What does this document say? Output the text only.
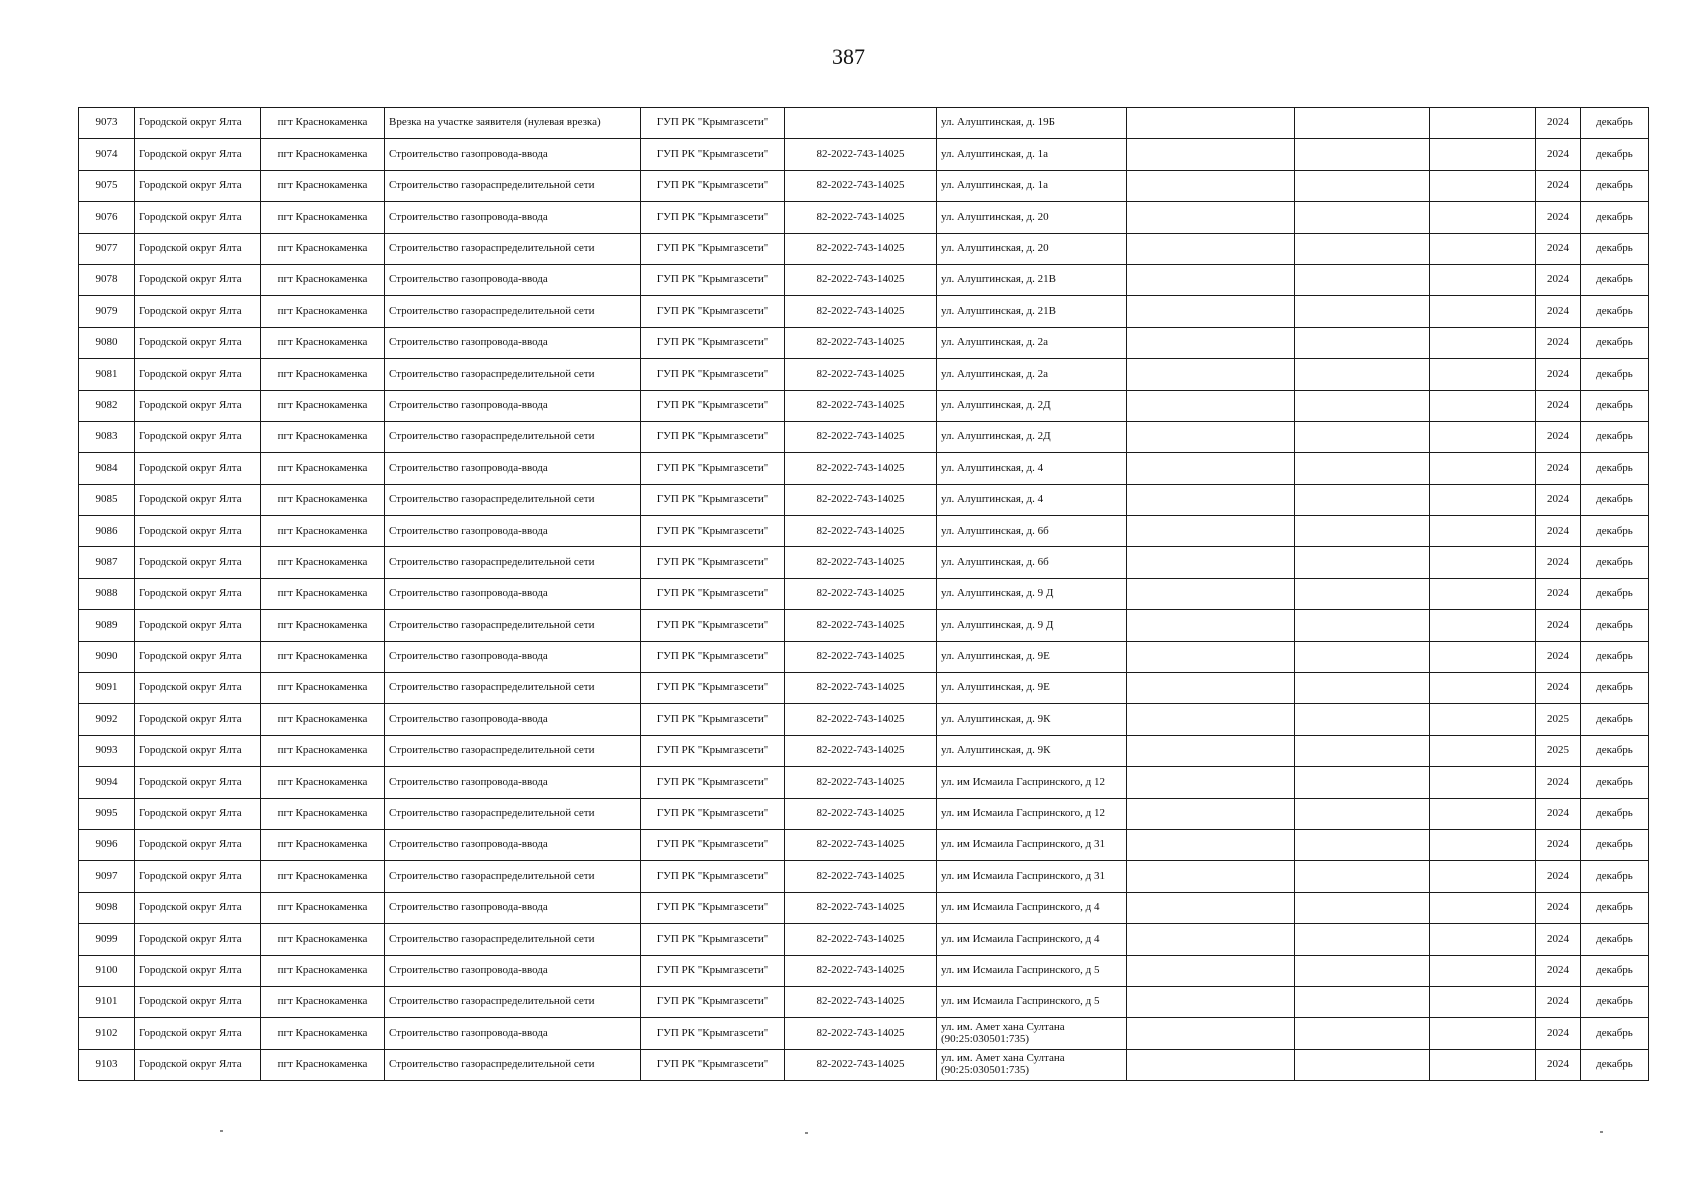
387
9073	Городской округ Ялта	пгт Краснокаменка	Врезка на участке заявителя (нулевая врезка)	ГУП РК "Крымгазсети"		ул. Алуштинская, д. 19Б				2024	декабрь
9074	Городской округ Ялта	пгт Краснокаменка	Строительство газопровода-ввода	ГУП РК "Крымгазсети"	82-2022-743-14025	ул. Алуштинская, д. 1а				2024	декабрь
9075	Городской округ Ялта	пгт Краснокаменка	Строительство газораспределительной сети	ГУП РК "Крымгазсети"	82-2022-743-14025	ул. Алуштинская, д. 1а				2024	декабрь
9076	Городской округ Ялта	пгт Краснокаменка	Строительство газопровода-ввода	ГУП РК "Крымгазсети"	82-2022-743-14025	ул. Алуштинская, д. 20				2024	декабрь
9077	Городской округ Ялта	пгт Краснокаменка	Строительство газораспределительной сети	ГУП РК "Крымгазсети"	82-2022-743-14025	ул. Алуштинская, д. 20				2024	декабрь
9078	Городской округ Ялта	пгт Краснокаменка	Строительство газопровода-ввода	ГУП РК "Крымгазсети"	82-2022-743-14025	ул. Алуштинская, д. 21В				2024	декабрь
9079	Городской округ Ялта	пгт Краснокаменка	Строительство газораспределительной сети	ГУП РК "Крымгазсети"	82-2022-743-14025	ул. Алуштинская, д. 21В				2024	декабрь
9080	Городской округ Ялта	пгт Краснокаменка	Строительство газопровода-ввода	ГУП РК "Крымгазсети"	82-2022-743-14025	ул. Алуштинская, д. 2а				2024	декабрь
9081	Городской округ Ялта	пгт Краснокаменка	Строительство газораспределительной сети	ГУП РК "Крымгазсети"	82-2022-743-14025	ул. Алуштинская, д. 2а				2024	декабрь
9082	Городской округ Ялта	пгт Краснокаменка	Строительство газопровода-ввода	ГУП РК "Крымгазсети"	82-2022-743-14025	ул. Алуштинская, д. 2Д				2024	декабрь
9083	Городской округ Ялта	пгт Краснокаменка	Строительство газораспределительной сети	ГУП РК "Крымгазсети"	82-2022-743-14025	ул. Алуштинская, д. 2Д				2024	декабрь
9084	Городской округ Ялта	пгт Краснокаменка	Строительство газопровода-ввода	ГУП РК "Крымгазсети"	82-2022-743-14025	ул. Алуштинская, д. 4				2024	декабрь
9085	Городской округ Ялта	пгт Краснокаменка	Строительство газораспределительной сети	ГУП РК "Крымгазсети"	82-2022-743-14025	ул. Алуштинская, д. 4				2024	декабрь
9086	Городской округ Ялта	пгт Краснокаменка	Строительство газопровода-ввода	ГУП РК "Крымгазсети"	82-2022-743-14025	ул. Алуштинская, д. 6б				2024	декабрь
9087	Городской округ Ялта	пгт Краснокаменка	Строительство газораспределительной сети	ГУП РК "Крымгазсети"	82-2022-743-14025	ул. Алуштинская, д. 6б				2024	декабрь
9088	Городской округ Ялта	пгт Краснокаменка	Строительство газопровода-ввода	ГУП РК "Крымгазсети"	82-2022-743-14025	ул. Алуштинская, д. 9 Д				2024	декабрь
9089	Городской округ Ялта	пгт Краснокаменка	Строительство газораспределительной сети	ГУП РК "Крымгазсети"	82-2022-743-14025	ул. Алуштинская, д. 9 Д				2024	декабрь
9090	Городской округ Ялта	пгт Краснокаменка	Строительство газопровода-ввода	ГУП РК "Крымгазсети"	82-2022-743-14025	ул. Алуштинская, д. 9Е				2024	декабрь
9091	Городской округ Ялта	пгт Краснокаменка	Строительство газораспределительной сети	ГУП РК "Крымгазсети"	82-2022-743-14025	ул. Алуштинская, д. 9Е				2024	декабрь
9092	Городской округ Ялта	пгт Краснокаменка	Строительство газопровода-ввода	ГУП РК "Крымгазсети"	82-2022-743-14025	ул. Алуштинская, д. 9К				2025	декабрь
9093	Городской округ Ялта	пгт Краснокаменка	Строительство газораспределительной сети	ГУП РК "Крымгазсети"	82-2022-743-14025	ул. Алуштинская, д. 9К				2025	декабрь
9094	Городской округ Ялта	пгт Краснокаменка	Строительство газопровода-ввода	ГУП РК "Крымгазсети"	82-2022-743-14025	ул. им Исмаила Гаспринского, д 12				2024	декабрь
9095	Городской округ Ялта	пгт Краснокаменка	Строительство газораспределительной сети	ГУП РК "Крымгазсети"	82-2022-743-14025	ул. им Исмаила Гаспринского, д 12				2024	декабрь
9096	Городской округ Ялта	пгт Краснокаменка	Строительство газопровода-ввода	ГУП РК "Крымгазсети"	82-2022-743-14025	ул. им Исмаила Гаспринского, д 31				2024	декабрь
9097	Городской округ Ялта	пгт Краснокаменка	Строительство газораспределительной сети	ГУП РК "Крымгазсети"	82-2022-743-14025	ул. им Исмаила Гаспринского, д 31				2024	декабрь
9098	Городской округ Ялта	пгт Краснокаменка	Строительство газопровода-ввода	ГУП РК "Крымгазсети"	82-2022-743-14025	ул. им Исмаила Гаспринского, д 4				2024	декабрь
9099	Городской округ Ялта	пгт Краснокаменка	Строительство газораспределительной сети	ГУП РК "Крымгазсети"	82-2022-743-14025	ул. им Исмаила Гаспринского, д 4				2024	декабрь
9100	Городской округ Ялта	пгт Краснокаменка	Строительство газопровода-ввода	ГУП РК "Крымгазсети"	82-2022-743-14025	ул. им Исмаила Гаспринского, д 5				2024	декабрь
9101	Городской округ Ялта	пгт Краснокаменка	Строительство газораспределительной сети	ГУП РК "Крымгазсети"	82-2022-743-14025	ул. им Исмаила Гаспринского, д 5				2024	декабрь
9102	Городской округ Ялта	пгт Краснокаменка	Строительство газопровода-ввода	ГУП РК "Крымгазсети"	82-2022-743-14025	ул. им. Амет хана Султана (90:25:030501:735)				2024	декабрь
9103	Городской округ Ялта	пгт Краснокаменка	Строительство газораспределительной сети	ГУП РК "Крымгазсети"	82-2022-743-14025	ул. им. Амет хана Султана (90:25:030501:735)				2024	декабрь
